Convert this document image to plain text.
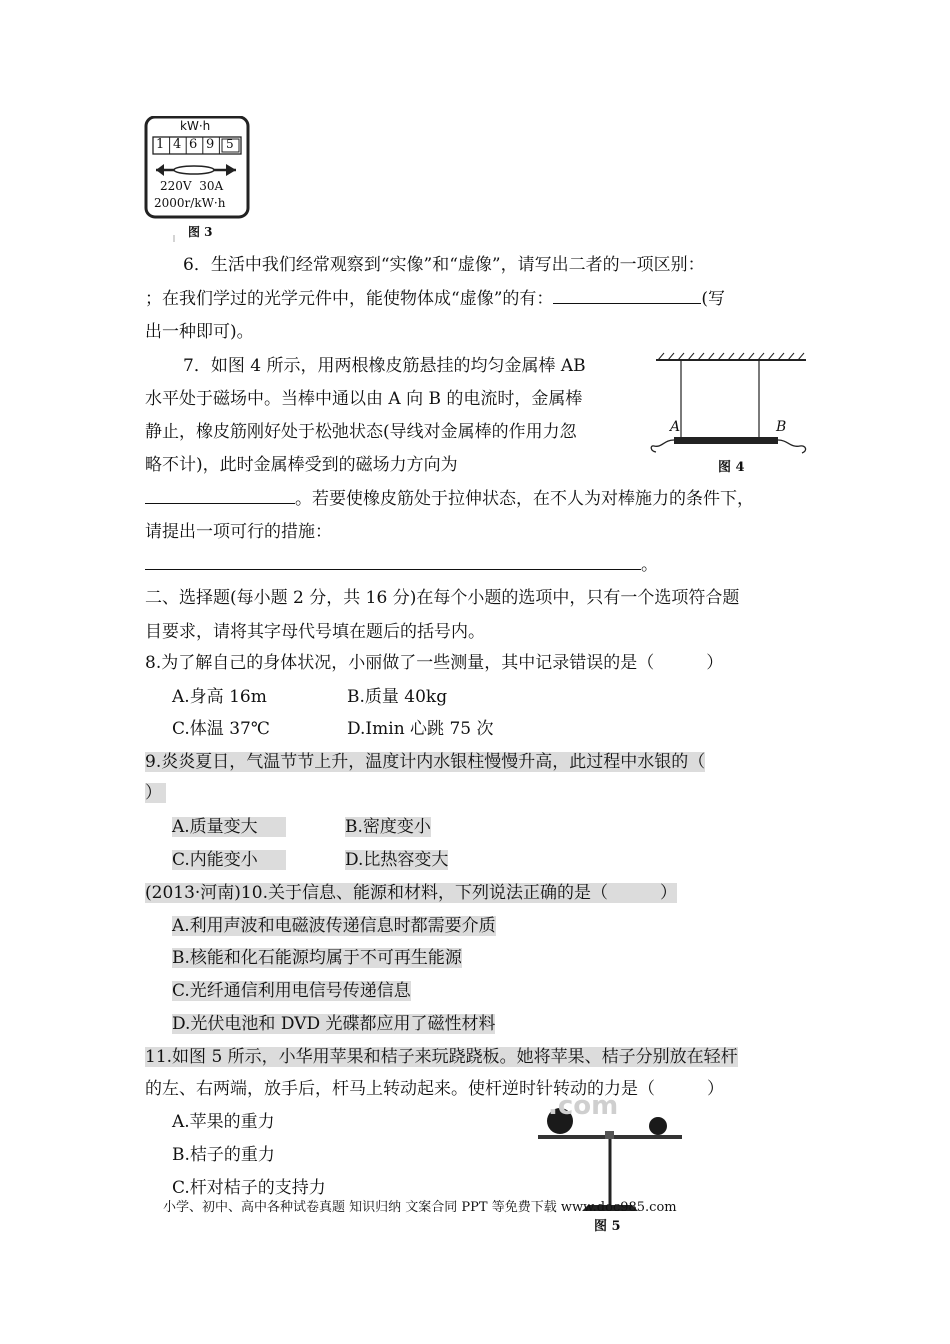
kW·h
1 4 6 9 5
220V  30A
2000r/kW·h
图 3
6．生活中我们经常观察到“实像”和“虚像”，请写出二者的一项区别：
；在我们学过的光学元件中，能使物体成“虚像”的有：	(写
出一种即可)。
7．如图 4 所示，用两根橡皮筋悬挂的均匀金属棒 AB
水平处于磁场中。当棒中通以由 A 向 B 的电流时，金属棒
静止，橡皮筋刚好处于松弛状态(导线对金属棒的作用力忽
略不计)，此时金属棒受到的磁场力方向为
。若要使橡皮筋处于拉伸状态，在不人为对棒施力的条件下，
请提出一项可行的措施：
。
A	B
图 4
二、选择题(每小题 2 分，共 16 分)在每个小题的选项中，只有一个选项符合题
目要求，请将其字母代号填在题后的括号内。
8.为了解自己的身体状况，小丽做了一些测量，其中记录错误的是（	）
A.身高 16m	B.质量 40kg
C.体温 37℃	D.Imin 心跳 75 次
9.炎炎夏日，气温节节上升，温度计内水银柱慢慢升高，此过程中水银的（
）
A.质量变大	B.密度变小
C.内能变小	D.比热容变大
(2013·河南)10.关于信息、能源和材料，下列说法正确的是（	）
A.利用声波和电磁波传递信息时都需要介质
B.核能和化石能源均属于不可再生能源
C.光纤通信利用电信号传递信息
D.光伏电池和 DVD 光碟都应用了磁性材料
11.如图 5 所示，小华用苹果和桔子来玩跷跷板。她将苹果、桔子分别放在轻杆
的左、右两端，放手后，杆马上转动起来。使杆逆时针转动的力是（	）
A.苹果的重力
B.桔子的重力
C.杆对桔子的支持力
.com
图 5
小学、初中、高中各种试卷真题 知识归纳 文案合同 PPT 等免费下载 www.doc985.com
